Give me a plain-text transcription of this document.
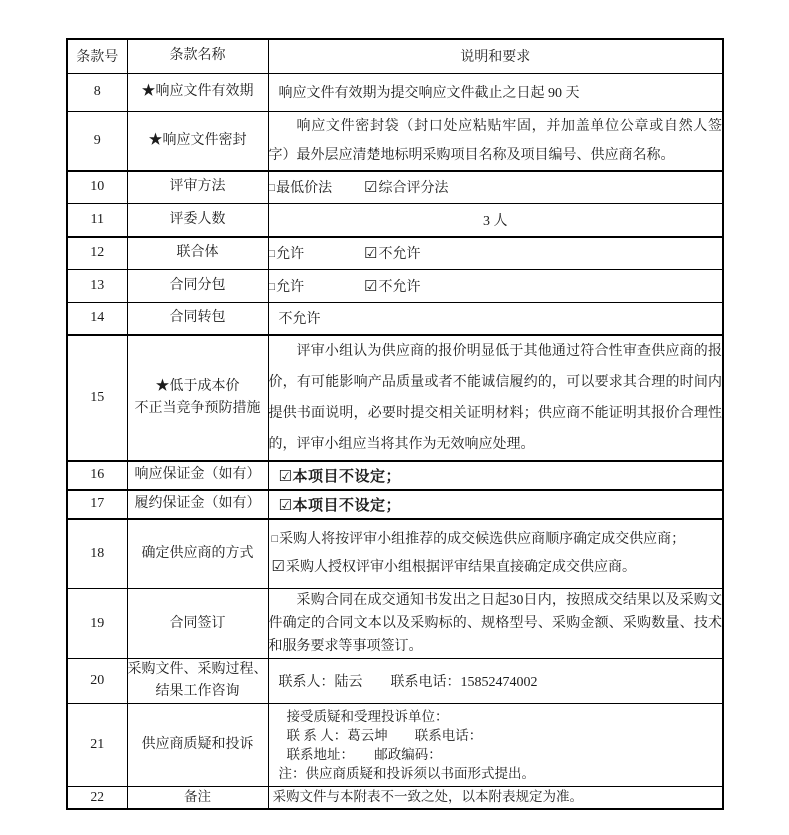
条款号	条款名称	说明和要求
8	★响应文件有效期	响应文件有效期为提交响应文件截止之日起 90 天

9	★响应文件密封	响应文件密封袋（封口处应粘贴牢固，并加盖单位公章或自然人签字）最外层应清楚地标明采购项目名称及项目编号、供应商名称。

10	评审方法	□最低价法 ☑综合评分法
11	评委人数	3 人
12	联合体	□允许 ☑不允许
13	合同分包	□允许 ☑不允许
14	合同转包	不允许

15	★低于成本价
不正当竞争预防措施	评审小组认为供应商的报价明显低于其他通过符合性审查供应商的报价，有可能影响产品质量或者不能诚信履约的，可以要求其合理的时间内提供书面说明，必要时提交相关证明材料；供应商不能证明其报价合理性的，评审小组应当将其作为无效响应处理。

16	响应保证金（如有）	☑本项目不设定；

17	履约保证金（如有）	☑本项目不设定；

18	确定供应商的方式	□采购人将按评审小组推荐的成交候选供应商顺序确定成交供应商；
☑采购人授权评审小组根据评审结果直接确定成交供应商。

19	合同签订	采购合同在成交通知书发出之日起30日内，按照成交结果以及采购文件确定的合同文本以及采购标的、规格型号、采购金额、采购数量、技术和服务要求等事项签订。

20	采购文件、采购过程、
结果工作咨询	联系人：陆云　　联系电话：15852474002

21	供应商质疑和投诉	接受质疑和受理投诉单位：
联 系 人：葛云坤　　联系电话：
联系地址：　　邮政编码：
注：供应商质疑和投诉须以书面形式提出。

22	备注	采购文件与本附表不一致之处，以本附表规定为准。
